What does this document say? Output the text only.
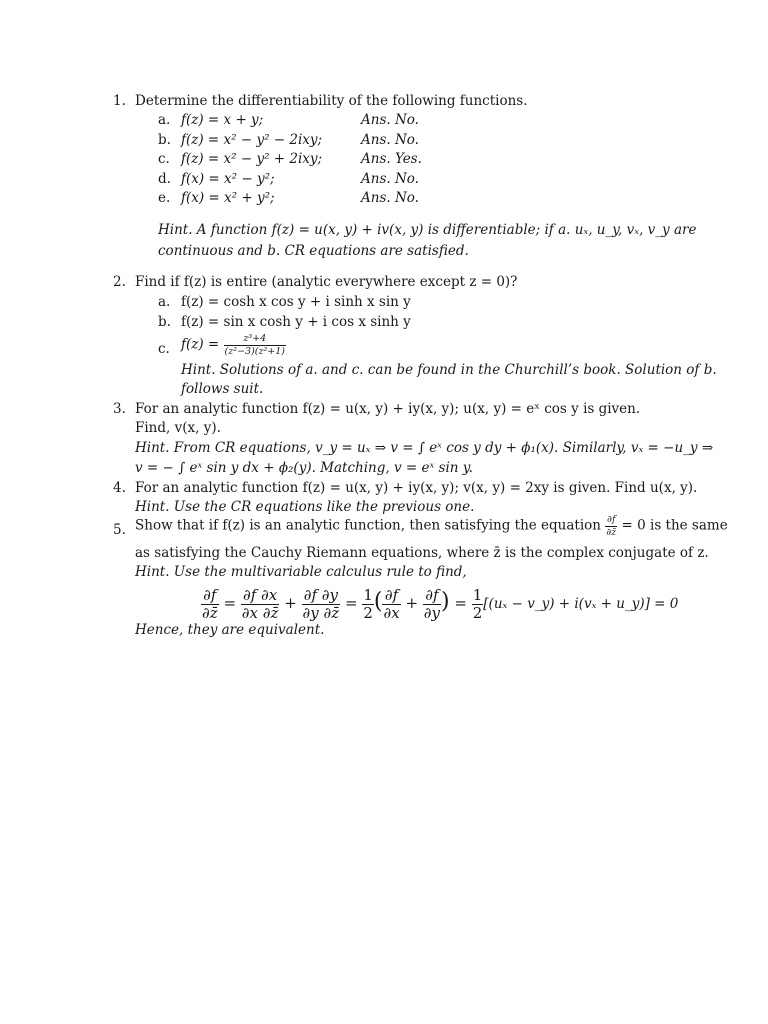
1. Determine the differentiability of the following functions.
a. f(z) = x + y;	Ans. No.
b. f(z) = x² − y² − 2ixy;	Ans. No.
c. f(z) = x² − y² + 2ixy;	Ans. Yes.
d. f(x) = x² − y²;	Ans. No.
e. f(x) = x² + y²;	Ans. No.
Hint. A function f(z) = u(x, y) + iv(x, y) is differentiable; if a. uₓ, u_y, vₓ, v_y are
continuous and b. CR equations are satisfied.
2. Find if f(z) is entire (analytic everywhere except z = 0)?
a. f(z) = cosh x cos y + i sinh x sin y
b. f(z) = sin x cosh y + i cos x sinh y
c. $f(z) = \frac{\text{z³+4}}{\text{(z²−3)(z²+1)}}$
Hint. Solutions of a. and c. can be found in the Churchill’s book. Solution of b.
follows suit.
3. For an analytic function f(z) = u(x, y) + iy(x, y); u(x, y) = eˣ cos y is given.
Find, v(x, y).
Hint. From CR equations, v_y = uₓ ⇒ v = ∫ eˣ cos y dy + ϕ₁(x). Similarly, vₓ = −u_y ⇒
v = − ∫ eˣ sin y dx + ϕ₂(y). Matching, v = eˣ sin y.
4. For an analytic function f(z) = u(x, y) + iy(x, y); v(x, y) = 2xy is given. Find u(x, y).
Hint. Use the CR equations like the previous one.
5. Show that if f(z) is an analytic function, then satisfying the equation $\frac{\partial f}{\partial z̄} = 0$ is the same
as satisfying the Cauchy Riemann equations, where z̄ is the complex conjugate of z.
Hint. Use the multivariable calculus rule to find,
$\frac{\partial f}{\partial z̄} = \frac{\partial f \partial x}{\partial x \partial z̄} + \frac{\partial f \partial y}{\partial y \partial z̄} = \frac{1}{2}$ ( $\frac{\partial f}{\partial x} + \frac{\partial f}{\partial y}$ ) = $\frac{1}{2} [(u_x$ − v_y) + i(vₓ + u_y)] = 0
Hence, they are equivalent.
